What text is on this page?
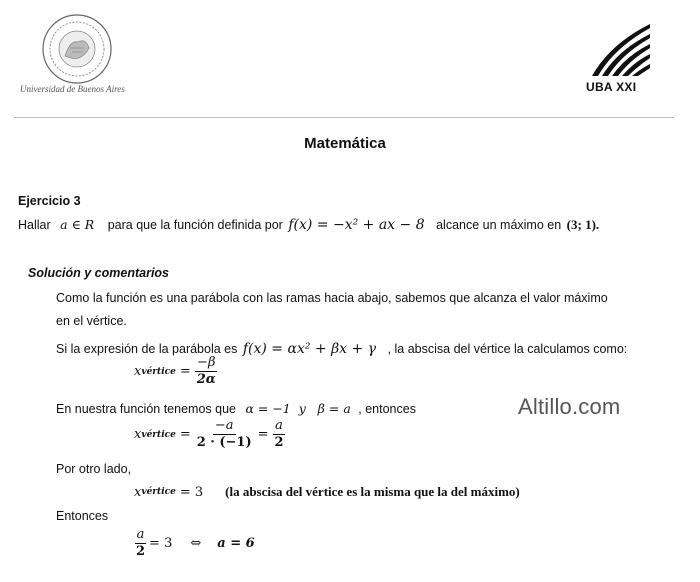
Universidad de Buenos Aires	UBA XXI
Matemática
Ejercicio 3
Hallar a ∈ R para que la función definida por f(x) = −x² + ax − 8 alcance un máximo en (3; 1).
Solución y comentarios
Como la función es una parábola con las ramas hacia abajo, sabemos que alcanza el valor máximo
en el vértice.
Si la expresión de la parábola es f(x) = αx² + βx + γ , la abscisa del vértice la calculamos como:
x vértice = $\frac{-\beta}{2\alpha}$
En nuestra función tenemos que α = −1  y   β = a , entonces
x vértice = $\frac{-a}{2 \cdot (-1)} = \frac{a}{2}$
Por otro lado,
x vértice = 3 (la abscisa del vértice es la misma que la del máximo)
Entonces
$\frac{a}{2} = 3$ ⇔ a = 6
Altillo.com
